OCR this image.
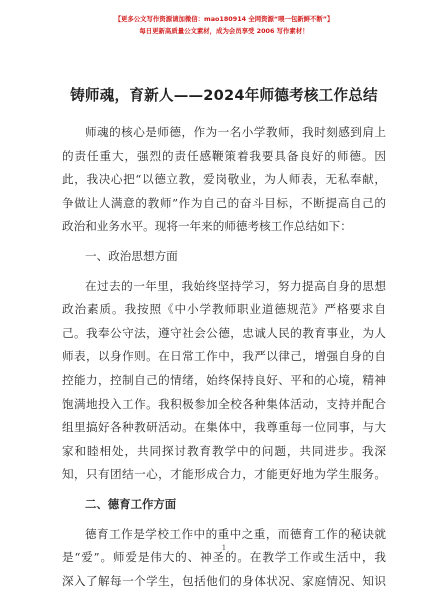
【更多公文写作资源请加微信：mao180914 全网资源“喂一包新鲜不断”】
每日更新高质量公文素材，成为会员享受 2006 写作素材！
铸师魂，育新人——2024年师德考核工作总结
师魂的核心是师德，作为一名小学教师，我时刻感到肩上
的责任重大，强烈的责任感鞭策着我要具备良好的师德。因
此，我决心把“以德立教，爱岗敬业，为人师表，无私奉献，
争做让人满意的教师”作为自己的奋斗目标，不断提高自己的
政治和业务水平。现将一年来的师德考核工作总结如下：
一、政治思想方面
在过去的一年里，我始终坚持学习，努力提高自身的思想
政治素质。我按照《中小学教师职业道德规范》严格要求自
己。我奉公守法，遵守社会公德，忠诚人民的教育事业，为人
师表，以身作则。在日常工作中，我严以律己，增强自身的自
控能力，控制自己的情绪，始终保持良好、平和的心境，精神
饱满地投入工作。我积极参加全校各种集体活动，支持并配合
组里搞好各种教研活动。在集体中，我尊重每一位同事，与大
家和睦相处，共同探讨教育教学中的问题，共同进步。我深
知，只有团结一心，才能形成合力，才能更好地为学生服务。
二、德育工作方面
德育工作是学校工作中的重中之重，而德育工作的秘诀就
是“爱”。师爱是伟大的、神圣的。在教学工作或生活中，我
深入了解每一个学生，包括他们的身体状况、家庭情况、知识
1
